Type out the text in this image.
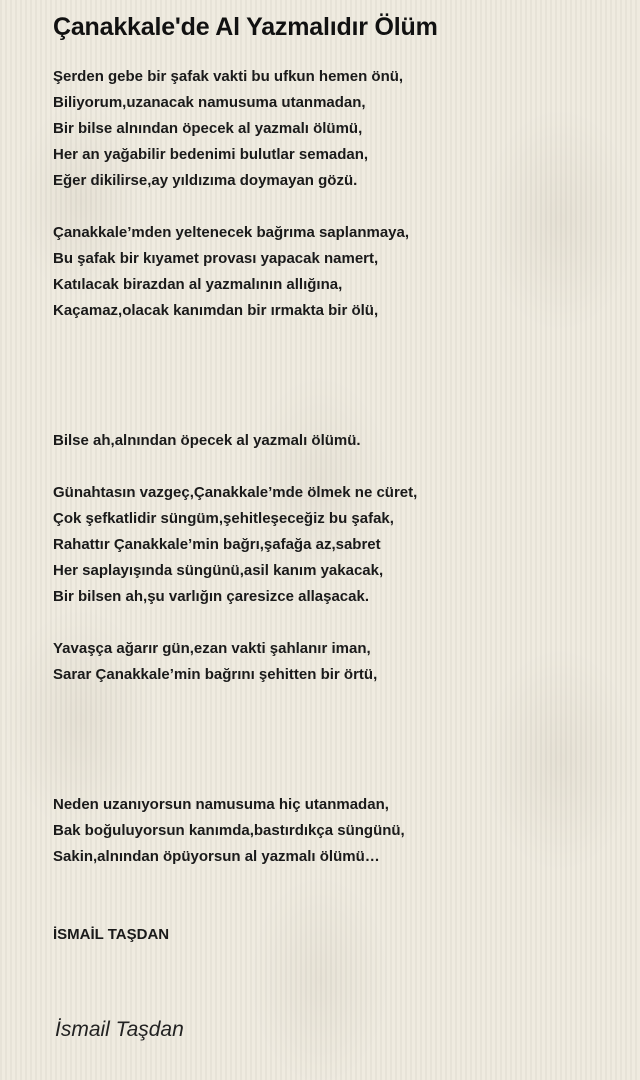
Çanakkale'de Al Yazmalıdır Ölüm
Şerden gebe bir şafak vakti bu ufkun hemen önü,
Biliyorum,uzanacak namusuma utanmadan,
Bir bilse alnından öpecek al yazmalı ölümü,
Her an yağabilir bedenimi bulutlar semadan,
Eğer dikilirse,ay yıldızıma doymayan gözü.
Çanakkale’mden yeltenecek bağrıma saplanmaya,
Bu şafak bir kıyamet provası yapacak namert,
Katılacak birazdan al yazmalının allığına,
Kaçamaz,olacak kanımdan bir ırmakta bir ölü,
Bilse ah,alnından öpecek al yazmalı ölümü.
Günahtasın vazgeç,Çanakkale’mde ölmek ne cüret,
Çok şefkatlidir süngüm,şehitleşeceğiz bu şafak,
Rahattır Çanakkale’min bağrı,şafağa az,sabret
Her saplayışında süngünü,asil kanım yakacak,
Bir bilsen ah,şu varlığın çaresizce allaşacak.
Yavaşça ağarır gün,ezan vakti şahlanır iman,
Sarar Çanakkale’min bağrını şehitten bir örtü,
Neden uzanıyorsun namusuma hiç utanmadan,
Bak boğuluyorsun kanımda,bastırdıkça süngünü,
Sakin,alnından öpüyorsun al yazmalı ölümü…
İSMAİL TAŞDAN
İsmail Taşdan
